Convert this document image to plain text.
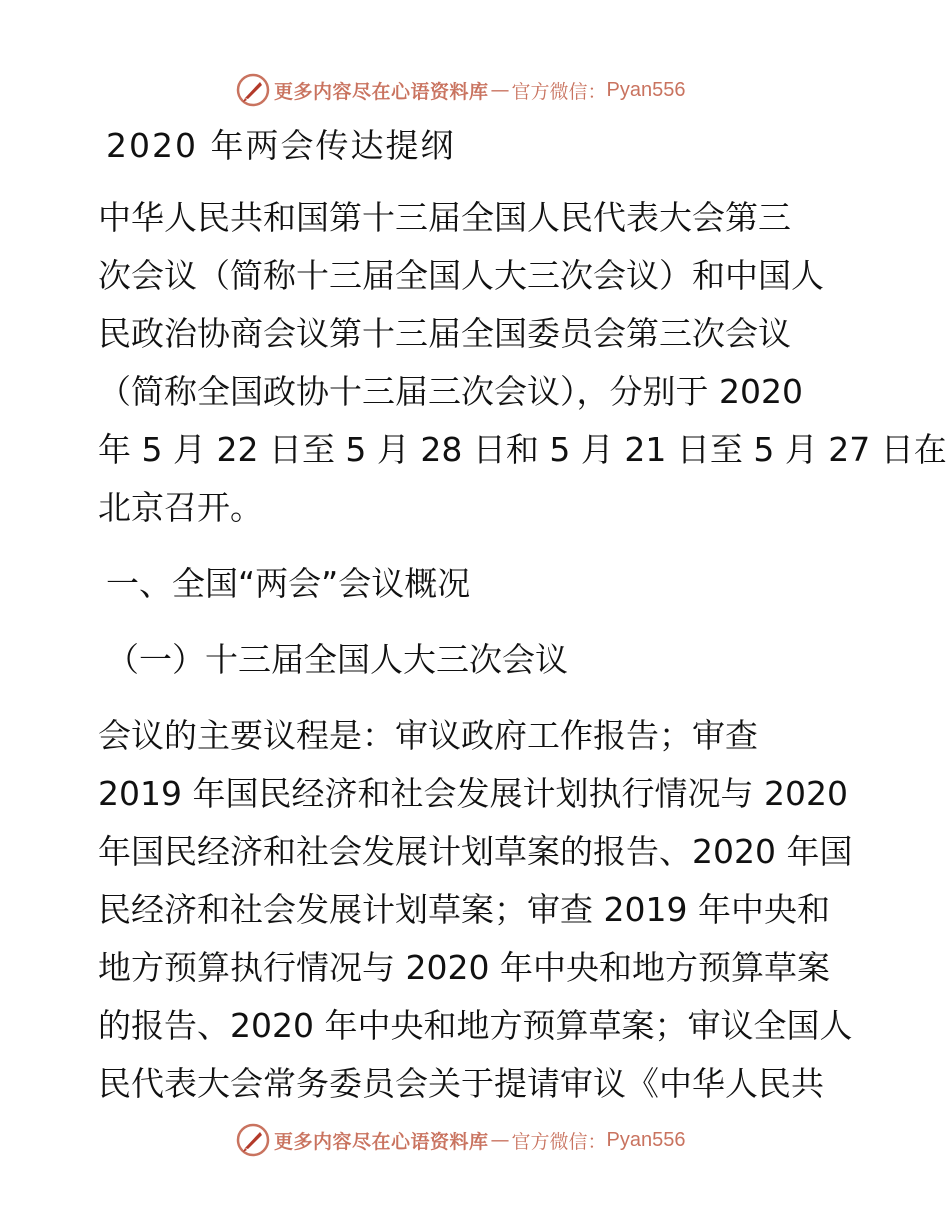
更多内容尽在心语资料库 — 官方微信： Pyan556
2020 年两会传达提纲
中华人民共和国第十三届全国人民代表大会第三
次会议（简称十三届全国人大三次会议）和中国人
民政治协商会议第十三届全国委员会第三次会议
（简称全国政协十三届三次会议），分别于 2020
年 5 月 22 日至 5 月 28 日和 5 月 21 日至 5 月 27 日在
北京召开。
一、全国“两会”会议概况
（一）十三届全国人大三次会议
会议的主要议程是：审议政府工作报告；审查
2019 年国民经济和社会发展计划执行情况与 2020
年国民经济和社会发展计划草案的报告、2020 年国
民经济和社会发展计划草案；审查 2019 年中央和
地方预算执行情况与 2020 年中央和地方预算草案
的报告、2020 年中央和地方预算草案；审议全国人
民代表大会常务委员会关于提请审议《中华人民共
更多内容尽在心语资料库 — 官方微信： Pyan556
